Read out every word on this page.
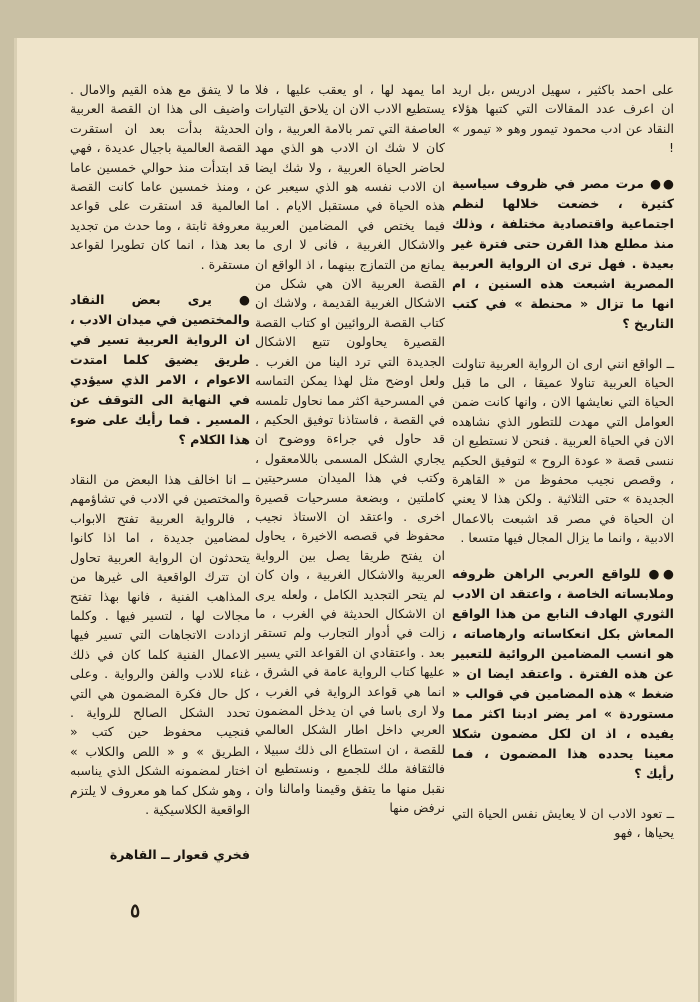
على احمد باكثير ، سهيل ادريس ،بل اريد ان اعرف عدد المقالات التي كتبها هؤلاء النقاد عن ادب محمود تيمور وهو « تيمور » !

●● مرت مصر في ظروف سياسية كثيرة ، خضعت خلالها لنظم اجتماعية واقتصادية مختلفة ، وذلك منذ مطلع هذا القرن حتى فترة غير بعيدة . فهل ترى ان الرواية العربية المصرية اشبعت هذه السنين ، ام انها ما تزال « محنطة » في كتب التاريخ ؟

ــ الواقع انني ارى ان الرواية العربية تناولت الحياة العربية تناولا عميقا ، الى ما قبل الحياة التي نعايشها الان ، وانها كانت ضمن العوامل التي مهدت للتطور الذي نشاهده الان في الحياة العربية . فنحن لا نستطيع ان ننسى قصة « عودة الروح » لتوفيق الحكيم ، وقصص نجيب محفوظ من « القاهرة الجديدة » حتى الثلاثية . ولكن هذا لا يعني ان الحياة في مصر قد اشبعت بالاعمال الادبية ، وانما ما يزال المجال فيها متسعا .

●● للواقع العربي الراهن ظروفه وملابساته الخاصة ، واعتقد ان الادب الثوري الهادف النابع من هذا الواقع المعاش بكل انعكاساته وارهاصاته ، هو انسب المضامين الروائية للتعبير عن هذه الفترة . واعتقد ايضا ان « ضغط » هذه المضامين في قوالب « مستوردة » امر يضر ادبنا اكثر مما يفيده ، اذ ان لكل مضمون شكلا معينا يحدده هذا المضمون ، فما رأيك ؟

ــ تعود الادب ان لا يعايش نفس الحياة التي يحياها ، فهو

اما يمهد لها ، او يعقب عليها ، فلا يستطيع الادب الان ان يلاحق التيارات العاصفة التي تمر بالامة العربية ، وان كان لا شك ان الادب هو الذي مهد لحاضر الحياة العربية ، ولا شك ايضا ان الادب نفسه هو الذي سيعبر عن هذه الحياة في مستقبل الايام . اما فيما يختص في المضامين العربية والاشكال الغربية ، فانى لا ارى ما يمانع من التمازج بينهما ، اذ الواقع ان القصة العربية الان هي شكل من الاشكال الغربية القديمة ، ولاشك ان كتاب القصة الروائيين او كتاب القصة القصيرة يحاولون تتبع الاشكال الجديدة التي ترد الينا من الغرب . ولعل اوضح مثل لهذا يمكن التماسه في المسرحية اكثر مما نحاول تلمسه في القصة ، فاستاذنا توفيق الحكيم ، قد حاول في جراءة ووضوح ان يجاري الشكل المسمى باللامعقول ، وكتب في هذا الميدان مسرحيتين كاملتين ، وبضعة مسرحيات قصيرة اخرى . واعتقد ان الاستاذ نجيب محفوظ في قصصه الاخيرة ، يحاول ان يفتح طريقا يصل بين الرواية العربية والاشكال الغربية ، وان كان لم يتحر التجديد الكامل ، ولعله يرى ان الاشكال الحديثة في الغرب ، ما زالت في أدوار التجارب ولم تستقر بعد . واعتقادي ان القواعد التي يسير عليها كتاب الرواية عامة في الشرق ، انما هي قواعد الرواية في الغرب ، ولا ارى باسا في ان يدخل المضمون العربي داخل اطار الشكل العالمي للقصة ، ان استطاع الى ذلك سبيلا ، فالثقافة ملك للجميع ، ونستطيع ان نقبل منها ما يتفق وقيمنا وامالنا وان نرفض منها

ما لا يتفق مع هذه القيم والامال . واضيف الى هذا ان القصة العربية الحديثة بدأت بعد ان استقرت القصة العالمية باجيال عديدة ، فهي قد ابتدأت منذ حوالي خمسين عاما ، ومنذ خمسين عاما كانت القصة العالمية قد استقرت على قواعد معروفة ثابتة ، وما حدث من تجديد بعد هذا ، انما كان تطويرا لقواعد مستقرة .

● يرى بعض النقاد والمختصين في ميدان الادب ، ان الرواية العربية تسير في طريق يضيق كلما امتدت الاعوام ، الامر الذي سيؤدي في النهاية الى التوقف عن المسير . فما رأيك على ضوء هذا الكلام ؟

ــ انا اخالف هذا البعض من النقاد والمختصين في الادب في تشاؤمهم ، فالرواية العربية تفتح الابواب لمضامين جديدة ، اما اذا كانوا يتحدثون ان الرواية العربية تحاول ان تترك الواقعية الى غيرها من المذاهب الفنية ، فانها بهذا تفتح مجالات لها ، لتسير فيها . وكلما ازدادت الاتجاهات التي تسير فيها الاعمال الفنية كلما كان في ذلك غناء للادب والفن والرواية . وعلى كل حال فكرة المضمون هي التي تحدد الشكل الصالح للرواية . فنجيب محفوظ حين كتب « الطريق » و « اللص والكلاب » اختار لمضمونه الشكل الذي يناسبه ، وهو شكل كما هو معروف لا يلتزم الواقعية الكلاسيكية .

فخري قعوار ــ القاهرة

٥
